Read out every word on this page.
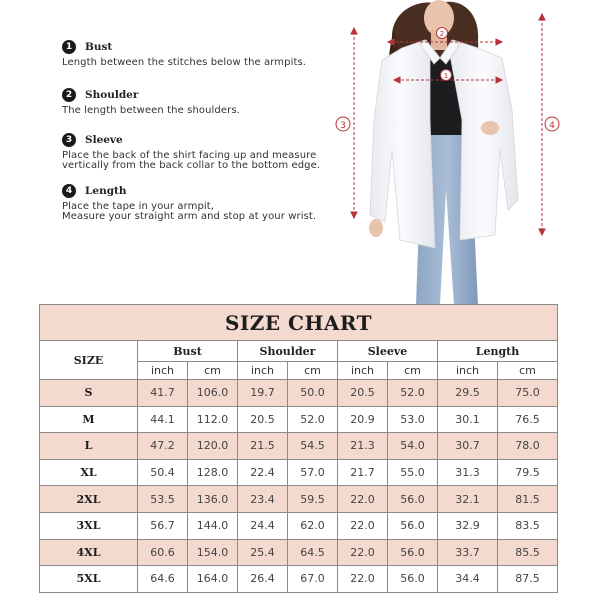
1	Bust
Length between the stitches below the armpits.
2	Shoulder
The length between the shoulders.
3	Sleeve
Place the back of the shirt facing up and measure
vertically from the back collar to the bottom edge.
4	Length
Place the tape in your armpit,
Measure your straight arm and stop at your wrist.
2
1
3	4
SIZE CHART								
SIZE	Bust		Shoulder		Sleeve		Length	
	inch	cm	inch	cm	inch	cm	inch	cm
S	41.7	106.0	19.7	50.0	20.5	52.0	29.5	75.0
M	44.1	112.0	20.5	52.0	20.9	53.0	30.1	76.5
L	47.2	120.0	21.5	54.5	21.3	54.0	30.7	78.0
XL	50.4	128.0	22.4	57.0	21.7	55.0	31.3	79.5
2XL	53.5	136.0	23.4	59.5	22.0	56.0	32.1	81.5
3XL	56.7	144.0	24.4	62.0	22.0	56.0	32.9	83.5
4XL	60.6	154.0	25.4	64.5	22.0	56.0	33.7	85.5
5XL	64.6	164.0	26.4	67.0	22.0	56.0	34.4	87.5
